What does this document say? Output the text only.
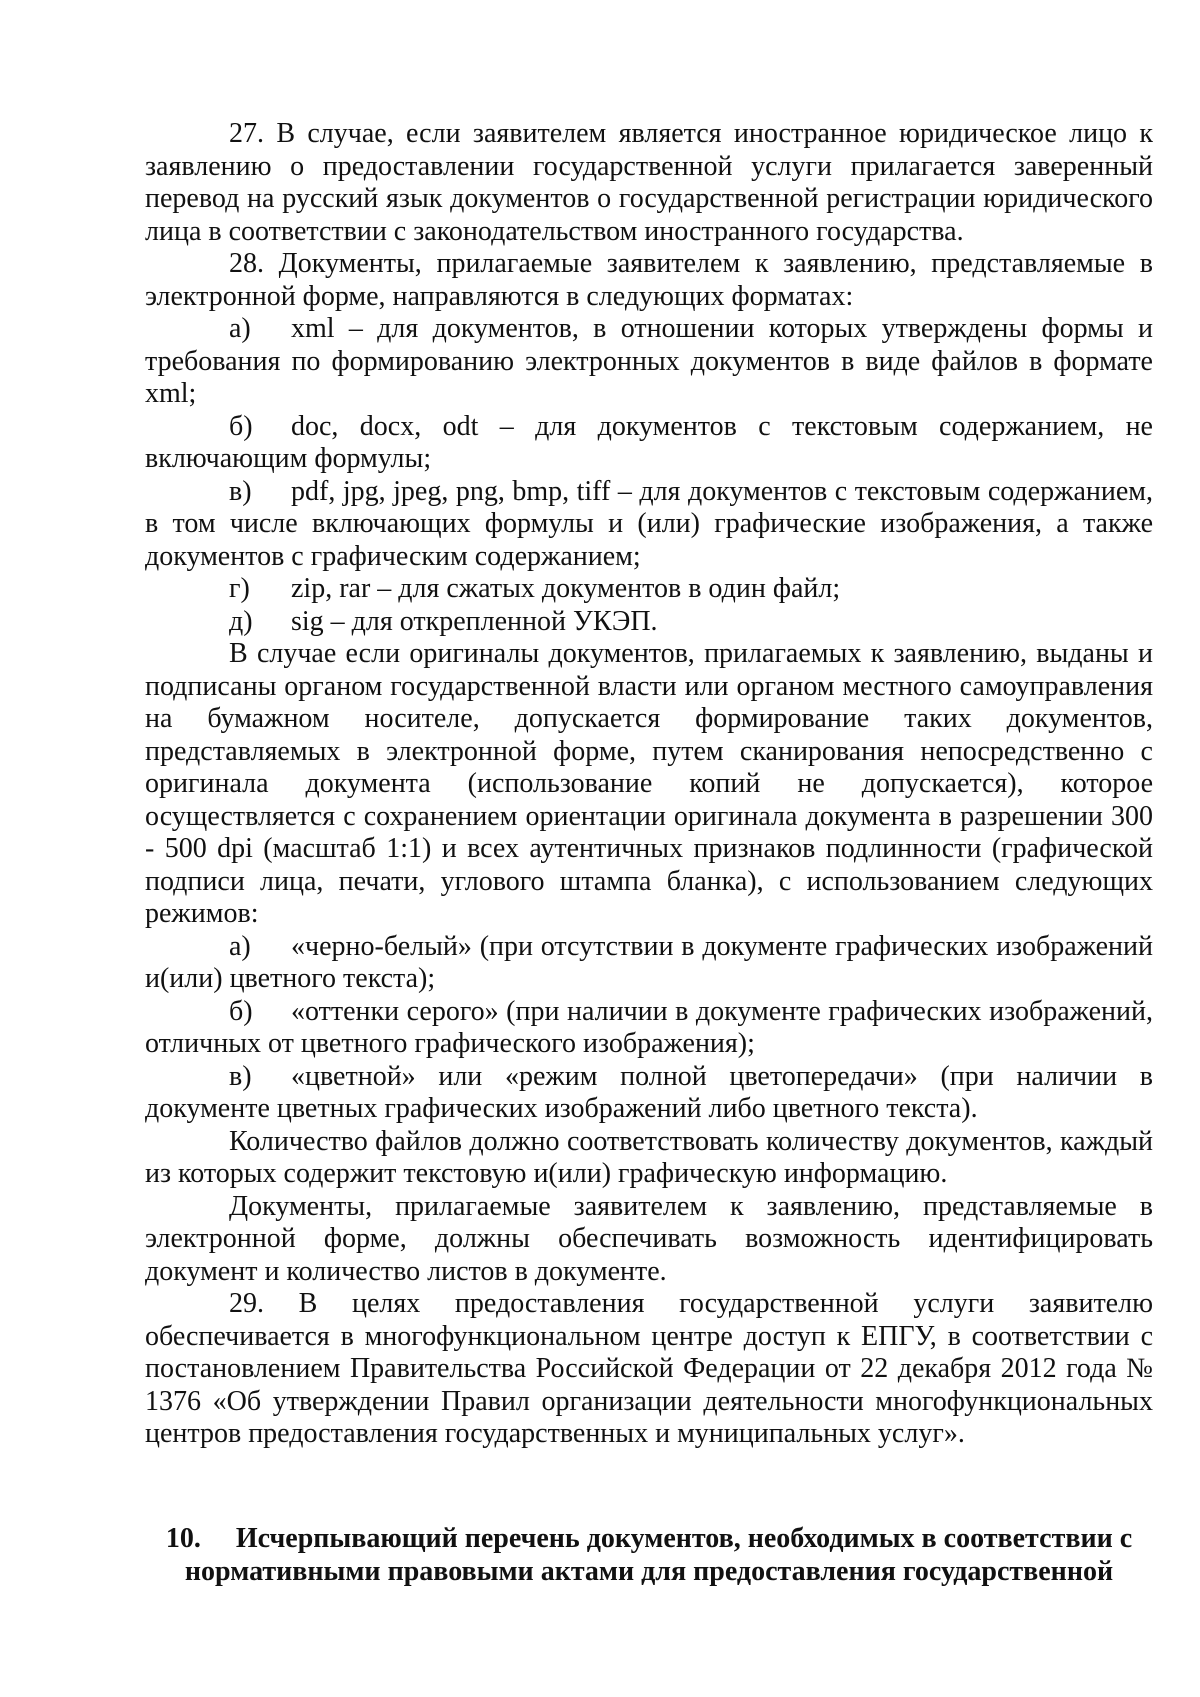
27. В случае, если заявителем является иностранное юридическое лицо к заявлению о предоставлении государственной услуги прилагается заверенный перевод на русский язык документов о государственной регистрации юридического лица в соответствии с законодательством иностранного государства.

28. Документы, прилагаемые заявителем к заявлению, представляемые в электронной форме, направляются в следующих форматах:

а) xml – для документов, в отношении которых утверждены формы и требования по формированию электронных документов в виде файлов в формате xml;

б) doc, docx, odt – для документов с текстовым содержанием, не включающим формулы;

в) pdf, jpg, jpeg, png, bmp, tiff – для документов с текстовым содержанием, в том числе включающих формулы и (или) графические изображения, а также документов с графическим содержанием;

г) zip, rar – для сжатых документов в один файл;

д) sig – для открепленной УКЭП.

В случае если оригиналы документов, прилагаемых к заявлению, выданы и подписаны органом государственной власти или органом местного самоуправления на бумажном носителе, допускается формирование таких документов, представляемых в электронной форме, путем сканирования непосредственно с оригинала документа (использование копий не допускается), которое осуществляется с сохранением ориентации оригинала документа в разрешении 300 - 500 dpi (масштаб 1:1) и всех аутентичных признаков подлинности (графической подписи лица, печати, углового штампа бланка), с использованием следующих режимов:

а) «черно-белый» (при отсутствии в документе графических изображений и(или) цветного текста);

б) «оттенки серого» (при наличии в документе графических изображений, отличных от цветного графического изображения);

в) «цветной» или «режим полной цветопередачи» (при наличии в документе цветных графических изображений либо цветного текста).

Количество файлов должно соответствовать количеству документов, каждый из которых содержит текстовую и(или) графическую информацию.

Документы, прилагаемые заявителем к заявлению, представляемые в электронной форме, должны обеспечивать возможность идентифицировать документ и количество листов в документе.

29. В целях предоставления государственной услуги заявителю обеспечивается в многофункциональном центре доступ к ЕПГУ, в соответствии с постановлением Правительства Российской Федерации от 22 декабря 2012 года № 1376 «Об утверждении Правил организации деятельности многофункциональных центров предоставления государственных и муниципальных услуг».

10. Исчерпывающий перечень документов, необходимых в соответствии с нормативными правовыми актами для предоставления государственной
